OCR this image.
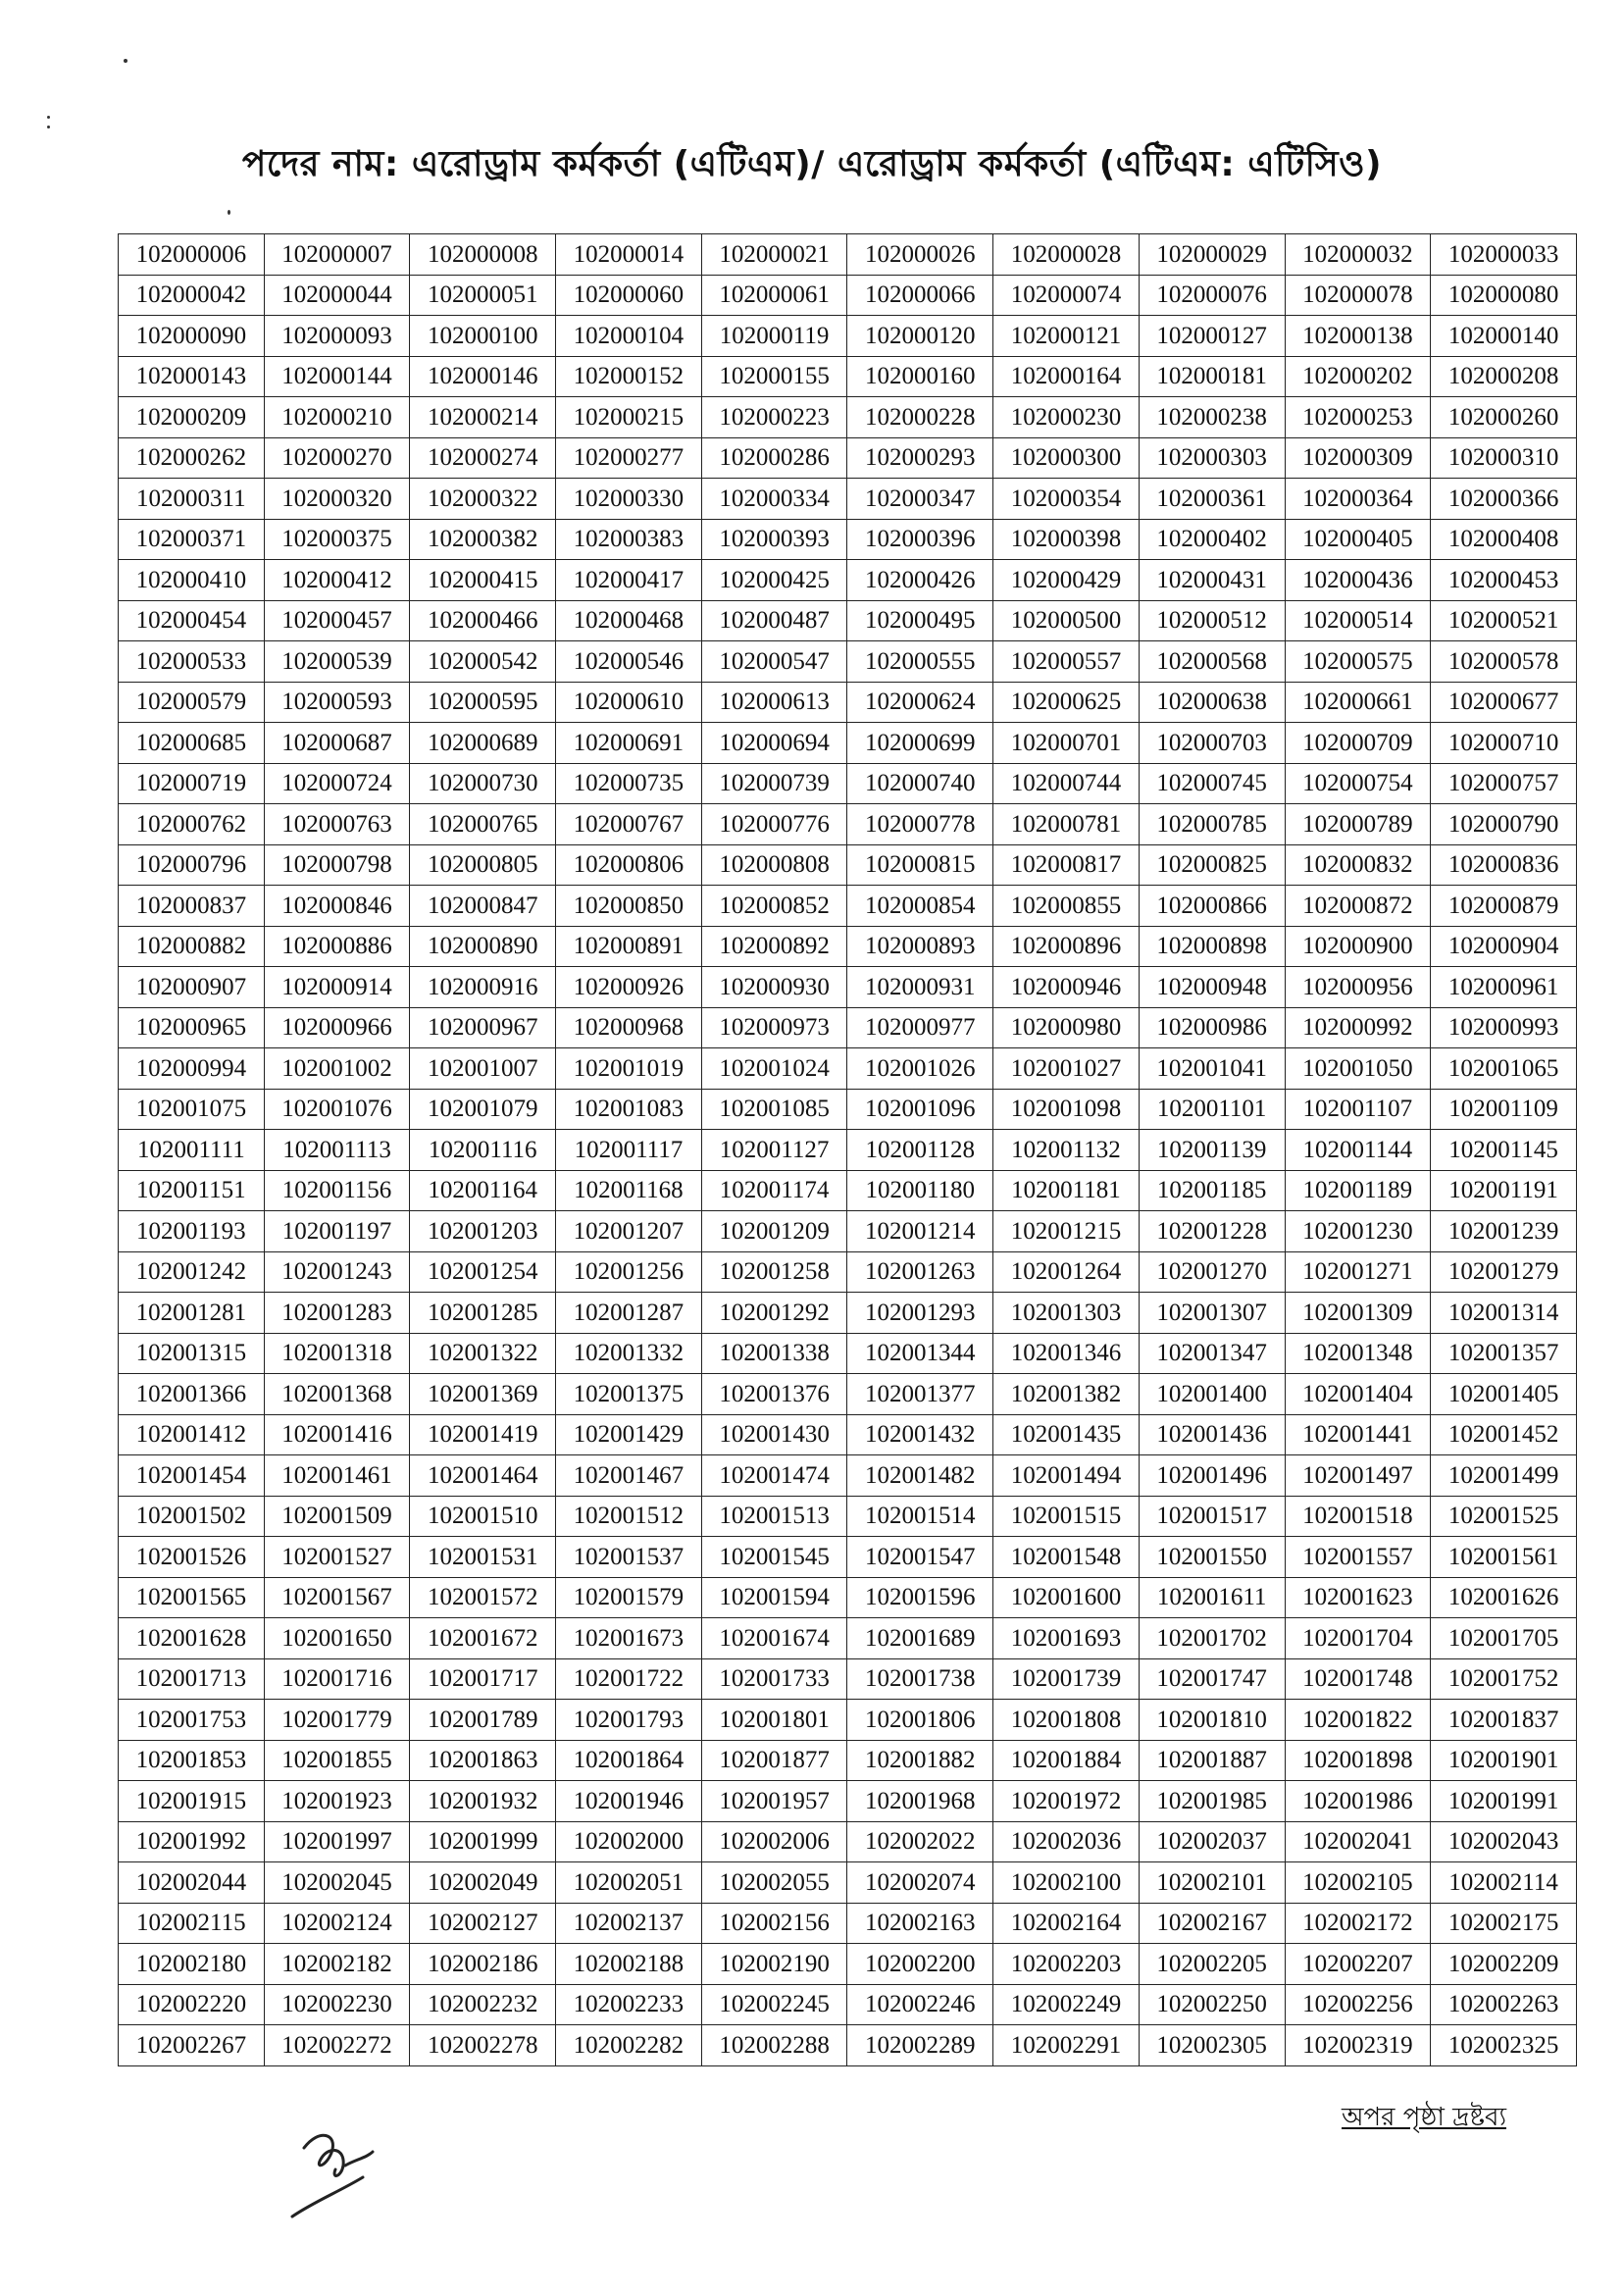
পদের নাম: এরোড্রাম কর্মকর্তা (এটিএম)/ এরোড্রাম কর্মকর্তা (এটিএম: এটিসিও)
102000006	102000007	102000008	102000014	102000021	102000026	102000028	102000029	102000032	102000033
102000042	102000044	102000051	102000060	102000061	102000066	102000074	102000076	102000078	102000080
102000090	102000093	102000100	102000104	102000119	102000120	102000121	102000127	102000138	102000140
102000143	102000144	102000146	102000152	102000155	102000160	102000164	102000181	102000202	102000208
102000209	102000210	102000214	102000215	102000223	102000228	102000230	102000238	102000253	102000260
102000262	102000270	102000274	102000277	102000286	102000293	102000300	102000303	102000309	102000310
102000311	102000320	102000322	102000330	102000334	102000347	102000354	102000361	102000364	102000366
102000371	102000375	102000382	102000383	102000393	102000396	102000398	102000402	102000405	102000408
102000410	102000412	102000415	102000417	102000425	102000426	102000429	102000431	102000436	102000453
102000454	102000457	102000466	102000468	102000487	102000495	102000500	102000512	102000514	102000521
102000533	102000539	102000542	102000546	102000547	102000555	102000557	102000568	102000575	102000578
102000579	102000593	102000595	102000610	102000613	102000624	102000625	102000638	102000661	102000677
102000685	102000687	102000689	102000691	102000694	102000699	102000701	102000703	102000709	102000710
102000719	102000724	102000730	102000735	102000739	102000740	102000744	102000745	102000754	102000757
102000762	102000763	102000765	102000767	102000776	102000778	102000781	102000785	102000789	102000790
102000796	102000798	102000805	102000806	102000808	102000815	102000817	102000825	102000832	102000836
102000837	102000846	102000847	102000850	102000852	102000854	102000855	102000866	102000872	102000879
102000882	102000886	102000890	102000891	102000892	102000893	102000896	102000898	102000900	102000904
102000907	102000914	102000916	102000926	102000930	102000931	102000946	102000948	102000956	102000961
102000965	102000966	102000967	102000968	102000973	102000977	102000980	102000986	102000992	102000993
102000994	102001002	102001007	102001019	102001024	102001026	102001027	102001041	102001050	102001065
102001075	102001076	102001079	102001083	102001085	102001096	102001098	102001101	102001107	102001109
102001111	102001113	102001116	102001117	102001127	102001128	102001132	102001139	102001144	102001145
102001151	102001156	102001164	102001168	102001174	102001180	102001181	102001185	102001189	102001191
102001193	102001197	102001203	102001207	102001209	102001214	102001215	102001228	102001230	102001239
102001242	102001243	102001254	102001256	102001258	102001263	102001264	102001270	102001271	102001279
102001281	102001283	102001285	102001287	102001292	102001293	102001303	102001307	102001309	102001314
102001315	102001318	102001322	102001332	102001338	102001344	102001346	102001347	102001348	102001357
102001366	102001368	102001369	102001375	102001376	102001377	102001382	102001400	102001404	102001405
102001412	102001416	102001419	102001429	102001430	102001432	102001435	102001436	102001441	102001452
102001454	102001461	102001464	102001467	102001474	102001482	102001494	102001496	102001497	102001499
102001502	102001509	102001510	102001512	102001513	102001514	102001515	102001517	102001518	102001525
102001526	102001527	102001531	102001537	102001545	102001547	102001548	102001550	102001557	102001561
102001565	102001567	102001572	102001579	102001594	102001596	102001600	102001611	102001623	102001626
102001628	102001650	102001672	102001673	102001674	102001689	102001693	102001702	102001704	102001705
102001713	102001716	102001717	102001722	102001733	102001738	102001739	102001747	102001748	102001752
102001753	102001779	102001789	102001793	102001801	102001806	102001808	102001810	102001822	102001837
102001853	102001855	102001863	102001864	102001877	102001882	102001884	102001887	102001898	102001901
102001915	102001923	102001932	102001946	102001957	102001968	102001972	102001985	102001986	102001991
102001992	102001997	102001999	102002000	102002006	102002022	102002036	102002037	102002041	102002043
102002044	102002045	102002049	102002051	102002055	102002074	102002100	102002101	102002105	102002114
102002115	102002124	102002127	102002137	102002156	102002163	102002164	102002167	102002172	102002175
102002180	102002182	102002186	102002188	102002190	102002200	102002203	102002205	102002207	102002209
102002220	102002230	102002232	102002233	102002245	102002246	102002249	102002250	102002256	102002263
102002267	102002272	102002278	102002282	102002288	102002289	102002291	102002305	102002319	102002325
অপর পৃষ্ঠা দ্রষ্টব্য
